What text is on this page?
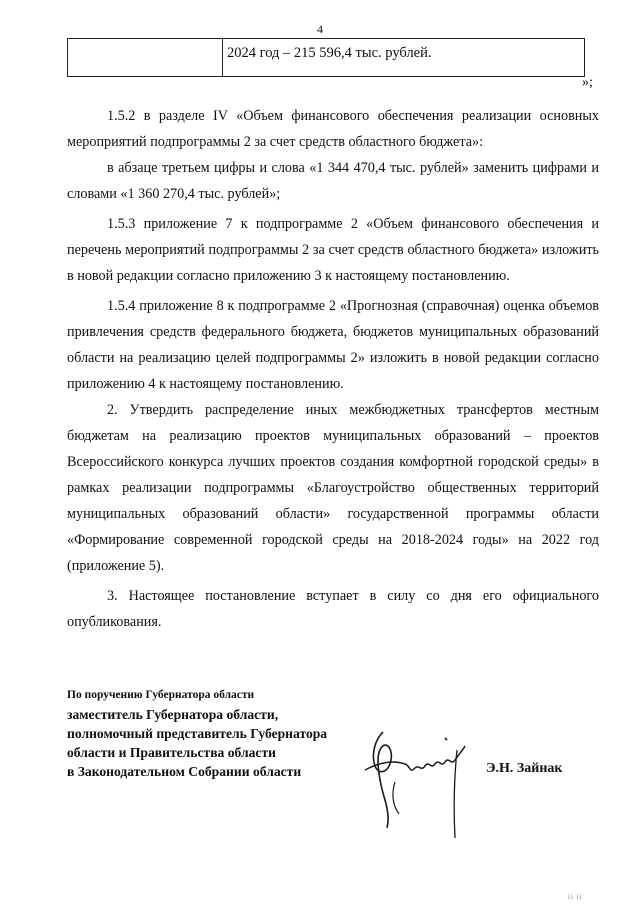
4
	2024 год – 215 596,4 тыс. рублей.
»;

1.5.2 в разделе IV «Объем финансового обеспечения реализации основных мероприятий подпрограммы 2 за счет средств областного бюджета»:

в абзаце третьем цифры и слова «1 344 470,4 тыс. рублей» заменить цифрами и словами «1 360 270,4 тыс. рублей»;

1.5.3 приложение 7 к подпрограмме 2 «Объем финансового обеспечения и перечень мероприятий подпрограммы 2 за счет средств областного бюджета» изложить в новой редакции согласно приложению 3 к настоящему постановлению.

1.5.4 приложение 8 к подпрограмме 2 «Прогнозная (справочная) оценка объемов привлечения средств федерального бюджета, бюджетов муниципальных образований области на реализацию целей подпрограммы 2» изложить в новой редакции согласно приложению 4 к настоящему постановлению.

2. Утвердить распределение иных межбюджетных трансфертов местным бюджетам на реализацию проектов муниципальных образований – проектов Всероссийского конкурса лучших проектов создания комфортной городской среды» в рамках реализации подпрограммы «Благоустройство общественных территорий муниципальных образований области» государственной программы области «Формирование современной городской среды на 2018-2024 годы» на 2022 год (приложение 5).

3. Настоящее постановление вступает в силу со дня его официального опубликования.

По поручению Губернатора области
заместитель Губернатора области,
полномочный представитель Губернатора
области и Правительства области
в Законодательном Собрании области	Э.Н. Зайнак
ii ii
